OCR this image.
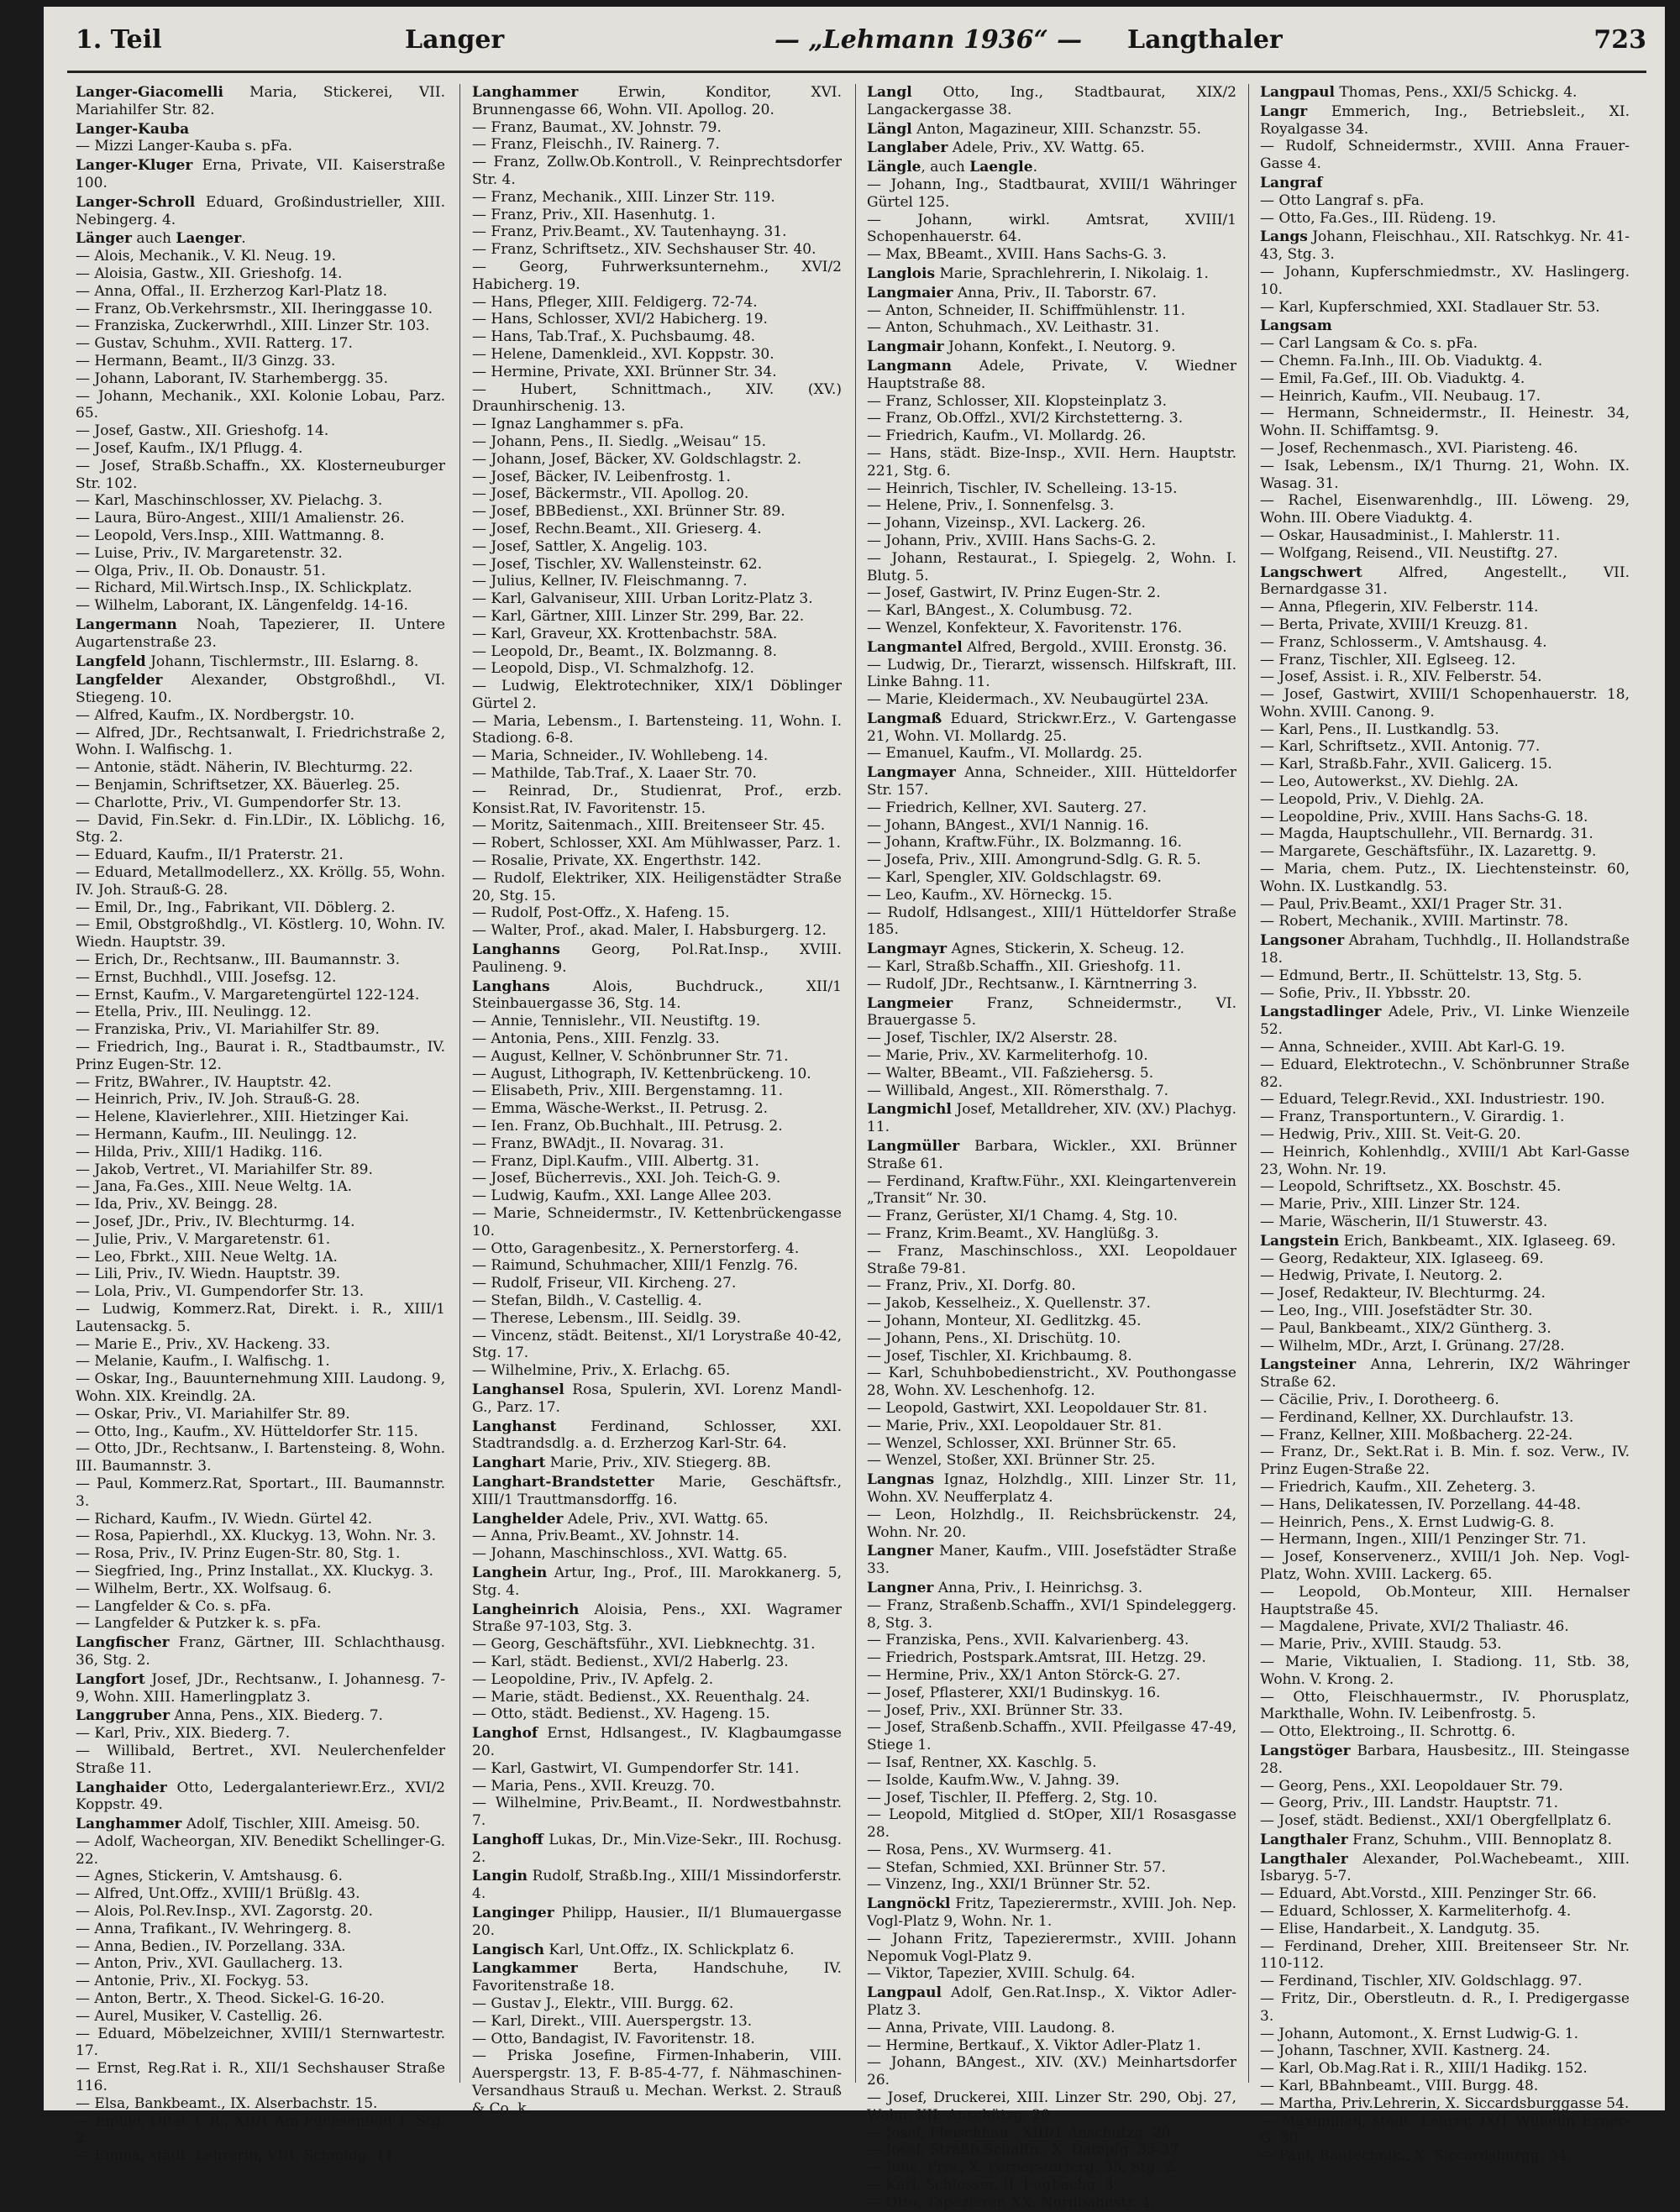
1. Teil	Langer	— „Lehmann 1936“ — Langthaler	723

Langer-Giacomelli Maria, Stickerei, VII. Mariahilfer Str. 82.

Langer-Kauba

— Mizzi Langer-Kauba s. pFa.

Langer-Kluger Erna, Private, VII. Kaiserstraße 100.

Langer-Schroll Eduard, Großindustrieller, XIII. Nebingerg. 4.

Länger auch Laenger.

— Alois, Mechanik., V. Kl. Neug. 19.

— Aloisia, Gastw., XII. Grieshofg. 14.

— Anna, Offal., II. Erzherzog Karl-Platz 18.

— Franz, Ob.Verkehrsmstr., XII. Iheringgasse 10.

— Franziska, Zuckerwrhdl., XIII. Linzer Str. 103.

— Gustav, Schuhm., XVII. Ratterg. 17.

— Hermann, Beamt., II/3 Ginzg. 33.

— Johann, Laborant, IV. Starhembergg. 35.

— Johann, Mechanik., XXI. Kolonie Lobau, Parz. 65.

— Josef, Gastw., XII. Grieshofg. 14.

— Josef, Kaufm., IX/1 Pflugg. 4.

— Josef, Straßb.Schaffn., XX. Klosterneuburger Str. 102.

— Karl, Maschinschlosser, XV. Pielachg. 3.

— Laura, Büro-Angest., XIII/1 Amalienstr. 26.

— Leopold, Vers.Insp., XIII. Wattmanng. 8.

— Luise, Priv., IV. Margaretenstr. 32.

— Olga, Priv., II. Ob. Donaustr. 51.

— Richard, Mil.Wirtsch.Insp., IX. Schlickplatz.

— Wilhelm, Laborant, IX. Längenfeldg. 14-16.

Langermann Noah, Tapezierer, II. Untere Augartenstraße 23.

Langfeld Johann, Tischlermstr., III. Eslarng. 8.

Langfelder Alexander, Obstgroßhdl., VI. Stiegeng. 10.

— Alfred, Kaufm., IX. Nordbergstr. 10.

— Alfred, JDr., Rechtsanwalt, I. Friedrichstraße 2, Wohn. I. Walfischg. 1.

— Antonie, städt. Näherin, IV. Blechturmg. 22.

— Benjamin, Schriftsetzer, XX. Bäuerleg. 25.

— Charlotte, Priv., VI. Gumpendorfer Str. 13.

— David, Fin.Sekr. d. Fin.LDir., IX. Löblichg. 16, Stg. 2.

— Eduard, Kaufm., II/1 Praterstr. 21.

— Eduard, Metallmodellerz., XX. Kröllg. 55, Wohn. IV. Joh. Strauß-G. 28.

— Emil, Dr., Ing., Fabrikant, VII. Döblerg. 2.

— Emil, Obstgroßhdlg., VI. Köstlerg. 10, Wohn. IV. Wiedn. Hauptstr. 39.

— Erich, Dr., Rechtsanw., III. Baumannstr. 3.

— Ernst, Buchhdl., VIII. Josefsg. 12.

— Ernst, Kaufm., V. Margaretengürtel 122-124.

— Etella, Priv., III. Neulingg. 12.

— Franziska, Priv., VI. Mariahilfer Str. 89.

— Friedrich, Ing., Baurat i. R., Stadtbaumstr., IV. Prinz Eugen-Str. 12.

— Fritz, BWahrer., IV. Hauptstr. 42.

— Heinrich, Priv., IV. Joh. Strauß-G. 28.

— Helene, Klavierlehrer., XIII. Hietzinger Kai.

— Hermann, Kaufm., III. Neulingg. 12.

— Hilda, Priv., XIII/1 Hadikg. 116.

— Jakob, Vertret., VI. Mariahilfer Str. 89.

— Jana, Fa.Ges., XIII. Neue Weltg. 1A.

— Ida, Priv., XV. Beingg. 28.

— Josef, JDr., Priv., IV. Blechturmg. 14.

— Julie, Priv., V. Margaretenstr. 61.

— Leo, Fbrkt., XIII. Neue Weltg. 1A.

— Lili, Priv., IV. Wiedn. Hauptstr. 39.

— Lola, Priv., VI. Gumpendorfer Str. 13.

— Ludwig, Kommerz.Rat, Direkt. i. R., XIII/1 Lautensackg. 5.

— Marie E., Priv., XV. Hackeng. 33.

— Melanie, Kaufm., I. Walfischg. 1.

— Oskar, Ing., Bauunternehmung XIII. Laudong. 9, Wohn. XIX. Kreindlg. 2A.

— Oskar, Priv., VI. Mariahilfer Str. 89.

— Otto, Ing., Kaufm., XV. Hütteldorfer Str. 115.

— Otto, JDr., Rechtsanw., I. Bartensteing. 8, Wohn. III. Baumannstr. 3.

— Paul, Kommerz.Rat, Sportart., III. Baumannstr. 3.

— Richard, Kaufm., IV. Wiedn. Gürtel 42.

— Rosa, Papierhdl., XX. Kluckyg. 13, Wohn. Nr. 3.

— Rosa, Priv., IV. Prinz Eugen-Str. 80, Stg. 1.

— Siegfried, Ing., Prinz Installat., XX. Kluckyg. 3.

— Wilhelm, Bertr., XX. Wolfsaug. 6.

— Langfelder & Co. s. pFa.

— Langfelder & Putzker k. s. pFa.

Langfischer Franz, Gärtner, III. Schlachthausg. 36, Stg. 2.

Langfort Josef, JDr., Rechtsanw., I. Johannesg. 7-9, Wohn. XIII. Hamerlingplatz 3.

Langgruber Anna, Pens., XIX. Biederg. 7.

— Karl, Priv., XIX. Biederg. 7.

— Willibald, Bertret., XVI. Neulerchenfelder Straße 11.

Langhaider Otto, Ledergalanteriewr.Erz., XVI/2 Koppstr. 49.

Langhammer Adolf, Tischler, XIII. Ameisg. 50.

— Adolf, Wacheorgan, XIV. Benedikt Schellinger-G. 22.

— Agnes, Stickerin, V. Amtshausg. 6.

— Alfred, Unt.Offz., XVIII/1 Brüßlg. 43.

— Alois, Pol.Rev.Insp., XVI. Zagorstg. 20.

— Anna, Trafikant., IV. Wehringerg. 8.

— Anna, Bedien., IV. Porzellang. 33A.

— Anton, Priv., XVI. Gaullacherg. 13.

— Antonie, Priv., XI. Fockyg. 53.

— Anton, Bertr., X. Theod. Sickel-G. 16-20.

— Aurel, Musiker, V. Castellig. 26.

— Eduard, Möbelzeichner, XVIII/1 Sternwartestr. 17.

— Ernst, Reg.Rat i. R., XII/1 Sechshauser Straße 116.

— Elsa, Bankbeamt., IX. Alserbachstr. 15.

— Emilie, Offal. i. R., XII/1 Am Fuchsenfeld 1, Stg. 2.

— Emma, städt. Lehrerin, VIII. Schmidg. 11.

Langhammer Erwin, Konditor, XVI. Brunnengasse 66, Wohn. VII. Apollog. 20.

— Franz, Baumat., XV. Johnstr. 79.

— Franz, Fleischh., IV. Rainerg. 7.

— Franz, Zollw.Ob.Kontroll., V. Reinprechtsdorfer Str. 4.

— Franz, Mechanik., XIII. Linzer Str. 119.

— Franz, Priv., XII. Hasenhutg. 1.

— Franz, Priv.Beamt., XV. Tautenhayng. 31.

— Franz, Schriftsetz., XIV. Sechshauser Str. 40.

— Georg, Fuhrwerksunternehm., XVI/2 Habicherg. 19.

— Hans, Pfleger, XIII. Feldigerg. 72-74.

— Hans, Schlosser, XVI/2 Habicherg. 19.

— Hans, Tab.Traf., X. Puchsbaumg. 48.

— Helene, Damenkleid., XVI. Koppstr. 30.

— Hermine, Private, XXI. Brünner Str. 34.

— Hubert, Schnittmach., XIV. (XV.) Draunhirschenig. 13.

— Ignaz Langhammer s. pFa.

— Johann, Pens., II. Siedlg. „Weisau“ 15.

— Johann, Josef, Bäcker, XV. Goldschlagstr. 2.

— Josef, Bäcker, IV. Leibenfrostg. 1.

— Josef, Bäckermstr., VII. Apollog. 20.

— Josef, BBBedienst., XXI. Brünner Str. 89.

— Josef, Rechn.Beamt., XII. Grieserg. 4.

— Josef, Sattler, X. Angelig. 103.

— Josef, Tischler, XV. Wallensteinstr. 62.

— Julius, Kellner, IV. Fleischmanng. 7.

— Karl, Galvaniseur, XIII. Urban Loritz-Platz 3.

— Karl, Gärtner, XIII. Linzer Str. 299, Bar. 22.

— Karl, Graveur, XX. Krottenbachstr. 58A.

— Leopold, Dr., Beamt., IX. Bolzmanng. 8.

— Leopold, Disp., VI. Schmalzhofg. 12.

— Ludwig, Elektrotechniker, XIX/1 Döblinger Gürtel 2.

— Maria, Lebensm., I. Bartensteing. 11, Wohn. I. Stadiong. 6-8.

— Maria, Schneider., IV. Wohllebeng. 14.

— Mathilde, Tab.Traf., X. Laaer Str. 70.

— Reinrad, Dr., Studienrat, Prof., erzb. Konsist.Rat, IV. Favoritenstr. 15.

— Moritz, Saitenmach., XIII. Breitenseer Str. 45.

— Robert, Schlosser, XXI. Am Mühlwasser, Parz. 1.

— Rosalie, Private, XX. Engerthstr. 142.

— Rudolf, Elektriker, XIX. Heiligenstädter Straße 20, Stg. 15.

— Rudolf, Post-Offz., X. Hafeng. 15.

— Walter, Prof., akad. Maler, I. Habsburgerg. 12.

Langhanns Georg, Pol.Rat.Insp., XVIII. Paulineng. 9.

Langhans Alois, Buchdruck., XII/1 Steinbauergasse 36, Stg. 14.

— Annie, Tennislehr., VII. Neustiftg. 19.

— Antonia, Pens., XIII. Fenzlg. 33.

— August, Kellner, V. Schönbrunner Str. 71.

— August, Lithograph, IV. Kettenbrückeng. 10.

— Elisabeth, Priv., XIII. Bergenstamng. 11.

— Emma, Wäsche-Werkst., II. Petrusg. 2.

— Ien. Franz, Ob.Buchhalt., III. Petrusg. 2.

— Franz, BWAdjt., II. Novarag. 31.

— Franz, Dipl.Kaufm., VIII. Albertg. 31.

— Josef, Bücherrevis., XXI. Joh. Teich-G. 9.

— Ludwig, Kaufm., XXI. Lange Allee 203.

— Marie, Schneidermstr., IV. Kettenbrückengasse 10.

— Otto, Garagenbesitz., X. Pernerstorferg. 4.

— Raimund, Schuhmacher, XIII/1 Fenzlg. 76.

— Rudolf, Friseur, VII. Kircheng. 27.

— Stefan, Bildh., V. Castellig. 4.

— Therese, Lebensm., III. Seidlg. 39.

— Vincenz, städt. Beitenst., XI/1 Lorystraße 40-42, Stg. 17.

— Wilhelmine, Priv., X. Erlachg. 65.

Langhansel Rosa, Spulerin, XVI. Lorenz Mandl-G., Parz. 17.

Langhanst Ferdinand, Schlosser, XXI. Stadtrandsdlg. a. d. Erzherzog Karl-Str. 64.

Langhart Marie, Priv., XIV. Stiegerg. 8B.

Langhart-Brandstetter Marie, Geschäftsfr., XIII/1 Trauttmansdorffg. 16.

Langhelder Adele, Priv., XVI. Wattg. 65.

— Anna, Priv.Beamt., XV. Johnstr. 14.

— Johann, Maschinschloss., XVI. Wattg. 65.

Langhein Artur, Ing., Prof., III. Marokkanerg. 5, Stg. 4.

Langheinrich Aloisia, Pens., XXI. Wagramer Straße 97-103, Stg. 3.

— Georg, Geschäftsführ., XVI. Liebknechtg. 31.

— Karl, städt. Bedienst., XVI/2 Haberlg. 23.

— Leopoldine, Priv., IV. Apfelg. 2.

— Marie, städt. Bedienst., XX. Reuenthalg. 24.

— Otto, städt. Bedienst., XV. Hageng. 15.

Langhof Ernst, Hdlsangest., IV. Klagbaumgasse 20.

— Karl, Gastwirt, VI. Gumpendorfer Str. 141.

— Maria, Pens., XVII. Kreuzg. 70.

— Wilhelmine, Priv.Beamt., II. Nordwestbahnstr. 7.

Langhoff Lukas, Dr., Min.Vize-Sekr., III. Rochusg. 2.

Langin Rudolf, Straßb.Ing., XIII/1 Missindorferstr. 4.

Langinger Philipp, Hausier., II/1 Blumauergasse 20.

Langisch Karl, Unt.Offz., IX. Schlickplatz 6.

Langkammer Berta, Handschuhe, IV. Favoritenstraße 18.

— Gustav J., Elektr., VIII. Burgg. 62.

— Karl, Direkt., VIII. Auerspergstr. 13.

— Otto, Bandagist, IV. Favoritenstr. 18.

— Priska Josefine, Firmen-Inhaberin, VIII. Auerspergstr. 13, F. B-85-4-77, f. Nähmaschinen-Versandhaus Strauß u. Mechan. Werkst. 2. Strauß & Co. k.

Langl Otto, Ing., Stadtbaurat, XIX/2 Langackergasse 38.

Längl Anton, Magazineur, XIII. Schanzstr. 55.

Langlaber Adele, Priv., XV. Wattg. 65.

Längle, auch Laengle.

— Johann, Ing., Stadtbaurat, XVIII/1 Währinger Gürtel 125.

— Johann, wirkl. Amtsrat, XVIII/1 Schopenhauerstr. 64.

— Max, BBeamt., XVIII. Hans Sachs-G. 3.

Langlois Marie, Sprachlehrerin, I. Nikolaig. 1.

Langmaier Anna, Priv., II. Taborstr. 67.

— Anton, Schneider, II. Schiffmühlenstr. 11.

— Anton, Schuhmach., XV. Leithastr. 31.

Langmair Johann, Konfekt., I. Neutorg. 9.

Langmann Adele, Private, V. Wiedner Hauptstraße 88.

— Franz, Schlosser, XII. Klopsteinplatz 3.

— Franz, Ob.Offzl., XVI/2 Kirchstetterng. 3.

— Friedrich, Kaufm., VI. Mollardg. 26.

— Hans, städt. Bize-Insp., XVII. Hern. Hauptstr. 221, Stg. 6.

— Heinrich, Tischler, IV. Schelleing. 13-15.

— Helene, Priv., I. Sonnenfelsg. 3.

— Johann, Vizeinsp., XVI. Lackerg. 26.

— Johann, Priv., XVIII. Hans Sachs-G. 2.

— Johann, Restaurat., I. Spiegelg. 2, Wohn. I. Blutg. 5.

— Josef, Gastwirt, IV. Prinz Eugen-Str. 2.

— Karl, BAngest., X. Columbusg. 72.

— Wenzel, Konfekteur, X. Favoritenstr. 176.

Langmantel Alfred, Bergold., XVIII. Eronstg. 36.

— Ludwig, Dr., Tierarzt, wissensch. Hilfskraft, III. Linke Bahng. 11.

— Marie, Kleidermach., XV. Neubaugürtel 23A.

Langmaß Eduard, Strickwr.Erz., V. Gartengasse 21, Wohn. VI. Mollardg. 25.

— Emanuel, Kaufm., VI. Mollardg. 25.

Langmayer Anna, Schneider., XIII. Hütteldorfer Str. 157.

— Friedrich, Kellner, XVI. Sauterg. 27.

— Johann, BAngest., XVI/1 Nannig. 16.

— Johann, Kraftw.Führ., IX. Bolzmanng. 16.

— Josefa, Priv., XIII. Amongrund-Sdlg. G. R. 5.

— Karl, Spengler, XIV. Goldschlagstr. 69.

— Leo, Kaufm., XV. Hörneckg. 15.

— Rudolf, Hdlsangest., XIII/1 Hütteldorfer Straße 185.

Langmayr Agnes, Stickerin, X. Scheug. 12.

— Karl, Straßb.Schaffn., XII. Grieshofg. 11.

— Rudolf, JDr., Rechtsanw., I. Kärntnerring 3.

Langmeier Franz, Schneidermstr., VI. Brauergasse 5.

— Josef, Tischler, IX/2 Alserstr. 28.

— Marie, Priv., XV. Karmeliterhofg. 10.

— Walter, BBeamt., VII. Faßziehersg. 5.

— Willibald, Angest., XII. Römersthalg. 7.

Langmichl Josef, Metalldreher, XIV. (XV.) Plachyg. 11.

Langmüller Barbara, Wickler., XXI. Brünner Straße 61.

— Ferdinand, Kraftw.Führ., XXI. Kleingartenverein „Transit“ Nr. 30.

— Franz, Gerüster, XI/1 Chamg. 4, Stg. 10.

— Franz, Krim.Beamt., XV. Hanglüßg. 3.

— Franz, Maschinschloss., XXI. Leopoldauer Straße 79-81.

— Franz, Priv., XI. Dorfg. 80.

— Jakob, Kesselheiz., X. Quellenstr. 37.

— Johann, Monteur, XI. Gedlitzkg. 45.

— Johann, Pens., XI. Drischütg. 10.

— Josef, Tischler, XI. Krichbaumg. 8.

— Karl, Schuhbobedienstricht., XV. Pouthongasse 28, Wohn. XV. Leschenhofg. 12.

— Leopold, Gastwirt, XXI. Leopoldauer Str. 81.

— Marie, Priv., XXI. Leopoldauer Str. 81.

— Wenzel, Schlosser, XXI. Brünner Str. 65.

— Wenzel, Stoßer, XXI. Brünner Str. 25.

Langnas Ignaz, Holzhdlg., XIII. Linzer Str. 11, Wohn. XV. Neufferplatz 4.

— Leon, Holzhdlg., II. Reichsbrückenstr. 24, Wohn. Nr. 20.

Langner Maner, Kaufm., VIII. Josefstädter Straße 33.

Langner Anna, Priv., I. Heinrichsg. 3.

— Franz, Straßenb.Schaffn., XVI/1 Spindeleggerg. 8, Stg. 3.

— Franziska, Pens., XVII. Kalvarienberg. 43.

— Friedrich, Postspark.Amtsrat, III. Hetzg. 29.

— Hermine, Priv., XX/1 Anton Störck-G. 27.

— Josef, Pflasterer, XXI/1 Budinskyg. 16.

— Josef, Priv., XXI. Brünner Str. 33.

— Josef, Straßenb.Schaffn., XVII. Pfeilgasse 47-49, Stiege 1.

— Isaf, Rentner, XX. Kaschlg. 5.

— Isolde, Kaufm.Ww., V. Jahng. 39.

— Josef, Tischler, II. Pfefferg. 2, Stg. 10.

— Leopold, Mitglied d. StOper, XII/1 Rosasgasse 28.

— Rosa, Pens., XV. Wurmserg. 41.

— Stefan, Schmied, XXI. Brünner Str. 57.

— Vinzenz, Ing., XXI/1 Brünner Str. 52.

Langnöckl Fritz, Tapezierermstr., XVIII. Joh. Nep. Vogl-Platz 9, Wohn. Nr. 1.

— Johann Fritz, Tapezierermstr., XVIII. Johann Nepomuk Vogl-Platz 9.

— Viktor, Tapezier, XVIII. Schulg. 64.

Langpaul Adolf, Gen.Rat.Insp., X. Viktor Adler-Platz 3.

— Anna, Private, VIII. Laudong. 8.

— Hermine, Bertkauf., X. Viktor Adler-Platz 1.

— Johann, BAngest., XIV. (XV.) Meinhartsdorfer 26.

— Josef, Druckerei, XIII. Linzer Str. 290, Obj. 27, Wohn. XII. Anschützg. 20.

— Josef, Fleischhau., XIII/1 Anschützg. 20.

— Josef, Straßb.Schaffn., X. Dampfg. 35-37.

— Julie, Priv., X. Pernerstorferg. 35, Stg. 2.

— Karl, Schlosser, II. Fugbachg. 3.

— Otto, Tapezierer, XX. Nordbahnstr. 4.

Langpaul Thomas, Pens., XXI/5 Schickg. 4.

Langr Emmerich, Ing., Betriebsleit., XI. Royalgasse 34.

— Rudolf, Schneidermstr., XVIII. Anna Frauer-Gasse 4.

Langraf

— Otto Langraf s. pFa.

— Otto, Fa.Ges., III. Rüdeng. 19.

Langs Johann, Fleischhau., XII. Ratschkyg. Nr. 41-43, Stg. 3.

— Johann, Kupferschmiedmstr., XV. Haslingerg. 10.

— Karl, Kupferschmied, XXI. Stadlauer Str. 53.

Langsam

— Carl Langsam & Co. s. pFa.

— Chemn. Fa.Inh., III. Ob. Viaduktg. 4.

— Emil, Fa.Gef., III. Ob. Viaduktg. 4.

— Heinrich, Kaufm., VII. Neubaug. 17.

— Hermann, Schneidermstr., II. Heinestr. 34, Wohn. II. Schiffamtsg. 9.

— Josef, Rechenmasch., XVI. Piaristeng. 46.

— Isak, Lebensm., IX/1 Thurng. 21, Wohn. IX. Wasag. 31.

— Rachel, Eisenwarenhdlg., III. Löweng. 29, Wohn. III. Obere Viaduktg. 4.

— Oskar, Hausadminist., I. Mahlerstr. 11.

— Wolfgang, Reisend., VII. Neustiftg. 27.

Langschwert Alfred, Angestellt., VII. Bernardgasse 31.

— Anna, Pflegerin, XIV. Felberstr. 114.

— Berta, Private, XVIII/1 Kreuzg. 81.

— Franz, Schlosserm., V. Amtshausg. 4.

— Franz, Tischler, XII. Eglseeg. 12.

— Josef, Assist. i. R., XIV. Felberstr. 54.

— Josef, Gastwirt, XVIII/1 Schopenhauerstr. 18, Wohn. XVIII. Canong. 9.

— Karl, Pens., II. Lustkandlg. 53.

— Karl, Schriftsetz., XVII. Antonig. 77.

— Karl, Straßb.Fahr., XVII. Galicerg. 15.

— Leo, Autowerkst., XV. Diehlg. 2A.

— Leopold, Priv., V. Diehlg. 2A.

— Leopoldine, Priv., XVIII. Hans Sachs-G. 18.

— Magda, Hauptschullehr., VII. Bernardg. 31.

— Margarete, Geschäftsführ., IX. Lazarettg. 9.

— Maria, chem. Putz., IX. Liechtensteinstr. 60, Wohn. IX. Lustkandlg. 53.

— Paul, Priv.Beamt., XXI/1 Prager Str. 31.

— Robert, Mechanik., XVIII. Martinstr. 78.

Langsoner Abraham, Tuchhdlg., II. Hollandstraße 18.

— Edmund, Bertr., II. Schüttelstr. 13, Stg. 5.

— Sofie, Priv., II. Ybbsstr. 20.

Langstadlinger Adele, Priv., VI. Linke Wienzeile 52.

— Anna, Schneider., XVIII. Abt Karl-G. 19.

— Eduard, Elektrotechn., V. Schönbrunner Straße 82.

— Eduard, Telegr.Revid., XXI. Industriestr. 190.

— Franz, Transportuntern., V. Girardig. 1.

— Hedwig, Priv., XIII. St. Veit-G. 20.

— Heinrich, Kohlenhdlg., XVIII/1 Abt Karl-Gasse 23, Wohn. Nr. 19.

— Leopold, Schriftsetz., XX. Boschstr. 45.

— Marie, Priv., XIII. Linzer Str. 124.

— Marie, Wäscherin, II/1 Stuwerstr. 43.

Langstein Erich, Bankbeamt., XIX. Iglaseeg. 69.

— Georg, Redakteur, XIX. Iglaseeg. 69.

— Hedwig, Private, I. Neutorg. 2.

— Josef, Redakteur, IV. Blechturmg. 24.

— Leo, Ing., VIII. Josefstädter Str. 30.

— Paul, Bankbeamt., XIX/2 Güntherg. 3.

— Wilhelm, MDr., Arzt, I. Grünang. 27/28.

Langsteiner Anna, Lehrerin, IX/2 Währinger Straße 62.

— Cäcilie, Priv., I. Dorotheerg. 6.

— Ferdinand, Kellner, XX. Durchlaufstr. 13.

— Franz, Kellner, XIII. Moßbacherg. 22-24.

— Franz, Dr., Sekt.Rat i. B. Min. f. soz. Verw., IV. Prinz Eugen-Straße 22.

— Friedrich, Kaufm., XII. Zeheterg. 3.

— Hans, Delikatessen, IV. Porzellang. 44-48.

— Heinrich, Pens., X. Ernst Ludwig-G. 8.

— Hermann, Ingen., XIII/1 Penzinger Str. 71.

— Josef, Konservenerz., XVIII/1 Joh. Nep. Vogl-Platz, Wohn. XVIII. Lackerg. 65.

— Leopold, Ob.Monteur, XIII. Hernalser Hauptstraße 45.

— Magdalene, Private, XVI/2 Thaliastr. 46.

— Marie, Priv., XVIII. Staudg. 53.

— Marie, Viktualien, I. Stadiong. 11, Stb. 38, Wohn. V. Krong. 2.

— Otto, Fleischhauermstr., IV. Phorusplatz, Markthalle, Wohn. IV. Leibenfrostg. 5.

— Otto, Elektroing., II. Schrottg. 6.

Langstöger Barbara, Hausbesitz., III. Steingasse 28.

— Georg, Pens., XXI. Leopoldauer Str. 79.

— Georg, Priv., III. Landstr. Hauptstr. 71.

— Josef, städt. Bedienst., XXI/1 Obergfellplatz 6.

Langthaler Franz, Schuhm., VIII. Bennoplatz 8.

Langthaler Alexander, Pol.Wachebeamt., XIII. Isbaryg. 5-7.

— Eduard, Abt.Vorstd., XIII. Penzinger Str. 66.

— Eduard, Schlosser, X. Karmeliterhofg. 4.

— Elise, Handarbeit., X. Landgutg. 35.

— Ferdinand, Dreher, XIII. Breitenseer Str. Nr. 110-112.

— Ferdinand, Tischler, XIV. Goldschlagg. 97.

— Fritz, Dir., Oberstleutn. d. R., I. Predigergasse 3.

— Johann, Automont., X. Ernst Ludwig-G. 1.

— Johann, Taschner, XVII. Kastnerg. 24.

— Karl, Ob.Mag.Rat i. R., XIII/1 Hadikg. 152.

— Karl, BBahnbeamt., VIII. Burgg. 48.

— Martha, Priv.Lehrerin, X. Siccardsburggasse 54.

— Maximilian, städt. Lehrer, IX/1 Wilhelm Exner-G. 30.

— Paul, Bautechnik., X. Siccardsburgg. 54.
